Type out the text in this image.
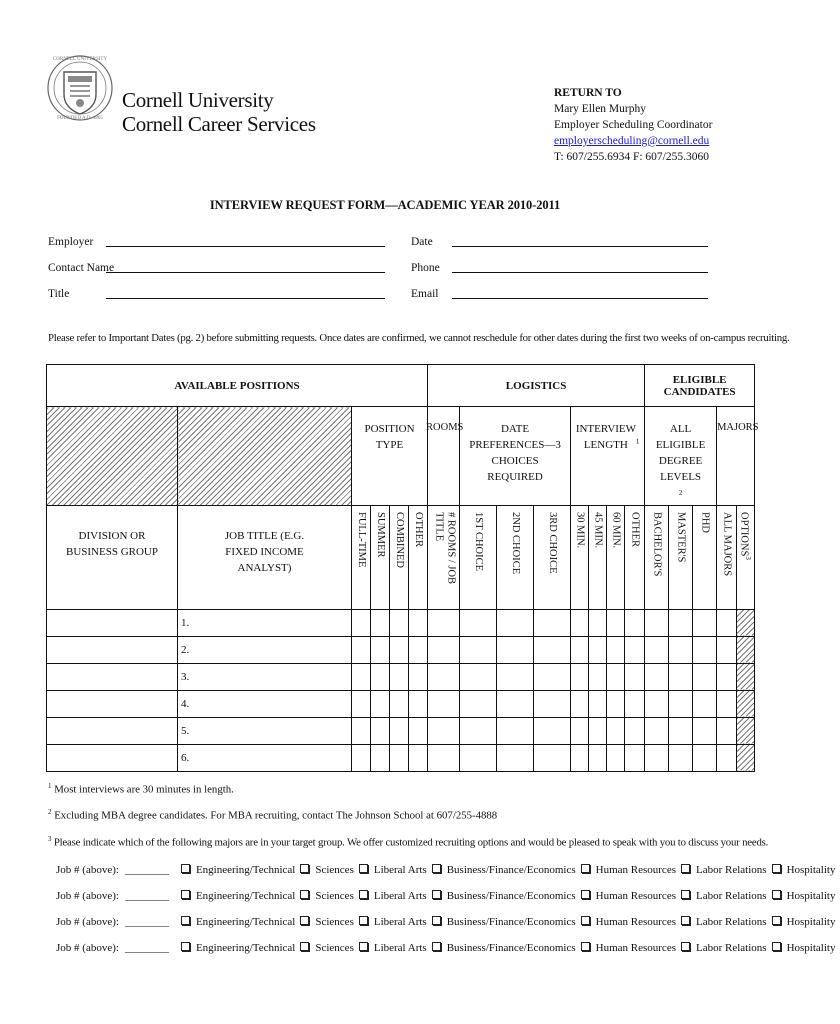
CORNELL UNIVERSITY
FOUNDED A.D. 1865
Cornell University
Cornell Career Services
RETURN TO
Mary Ellen Murphy
Employer Scheduling Coordinator
employerscheduling@cornell.edu
T: 607/255.6934 F: 607/255.3060
INTERVIEW REQUEST FORM—ACADEMIC YEAR 2010-2011
Employer
Contact Name
Title
Date
Phone
Email
Please refer to Important Dates (pg. 2) before submitting requests. Once dates are confirmed, we cannot reschedule for other dates during the first two weeks of on-campus recruiting.
AVAILABLE POSITIONS						LOGISTICS								ELIGIBLE CANDIDATES				
		POSITION TYPE				ROOMS	DATE PREFERENCES—3 CHOICES REQUIRED			INTERVIEW LENGTH $^1$				ALL ELIGIBLE DEGREE LEVELS$^2$			MAJORS	
DIVISION OR BUSINESS GROUP	JOB TITLE (E.G. FIXED INCOME ANALYST)	FULL-TIME	SUMMER	COMBINED	OTHER	# ROOMS / JOB TITLE	1ST CHOICE	2ND CHOICE	3RD CHOICE	30 MIN.	45 MIN.	60 MIN.	OTHER	BACHELOR'S	MASTER'S	PHD	ALL MAJORS	OPTIONS$^3$

	1.																	
	2.																	
	3.																	
	4.																	
	5.																	
	6.																	
$^1$ Most interviews are 30 minutes in length.
$^2$ Excluding MBA degree candidates. For MBA recruiting, contact The Johnson School at 607/255-4888
$^3$ Please indicate which of the following majors are in your target group. We offer customized recruiting options and would be pleased to speak with you to discuss your needs.
Job # (above): ________ Engineering/Technical Sciences Liberal Arts Business/Finance/Economics Human Resources Labor Relations Hospitality
Job # (above): ________ Engineering/Technical Sciences Liberal Arts Business/Finance/Economics Human Resources Labor Relations Hospitality
Job # (above): ________ Engineering/Technical Sciences Liberal Arts Business/Finance/Economics Human Resources Labor Relations Hospitality
Job # (above): ________ Engineering/Technical Sciences Liberal Arts Business/Finance/Economics Human Resources Labor Relations Hospitality
